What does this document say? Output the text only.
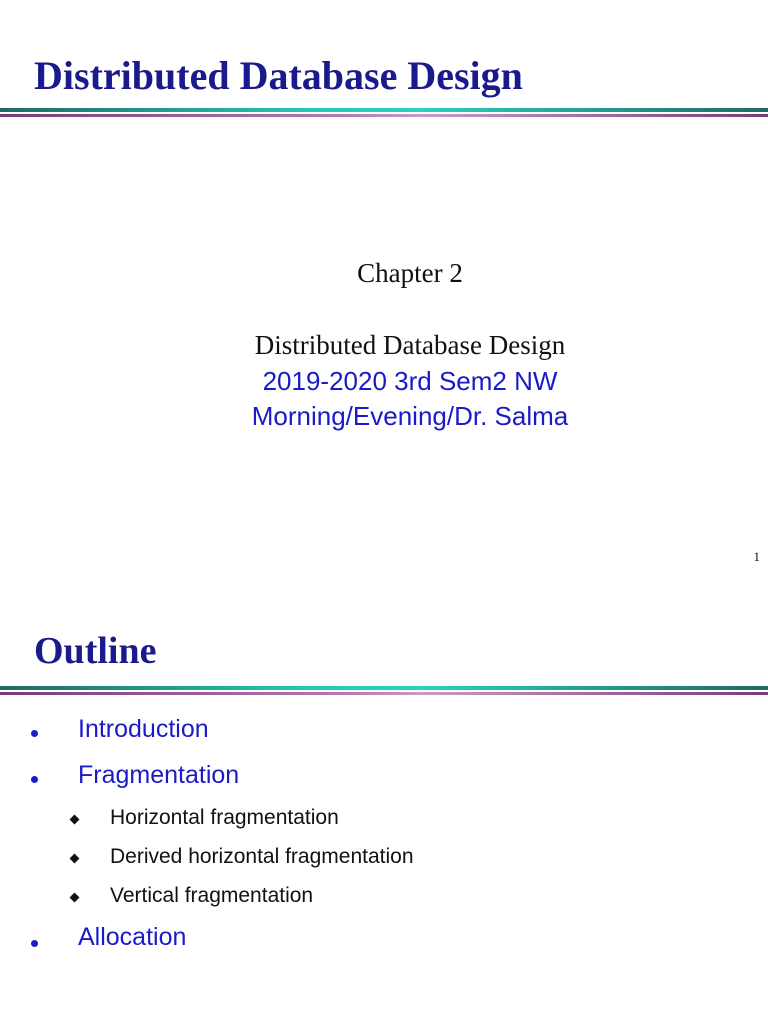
Distributed Database Design

Chapter 2

Distributed Database Design

2019-2020 3rd Sem2 NW

Morning/Evening/Dr. Salma

1
Outline
Introduction
Fragmentation
Horizontal fragmentation
Derived horizontal fragmentation
Vertical fragmentation
Allocation
